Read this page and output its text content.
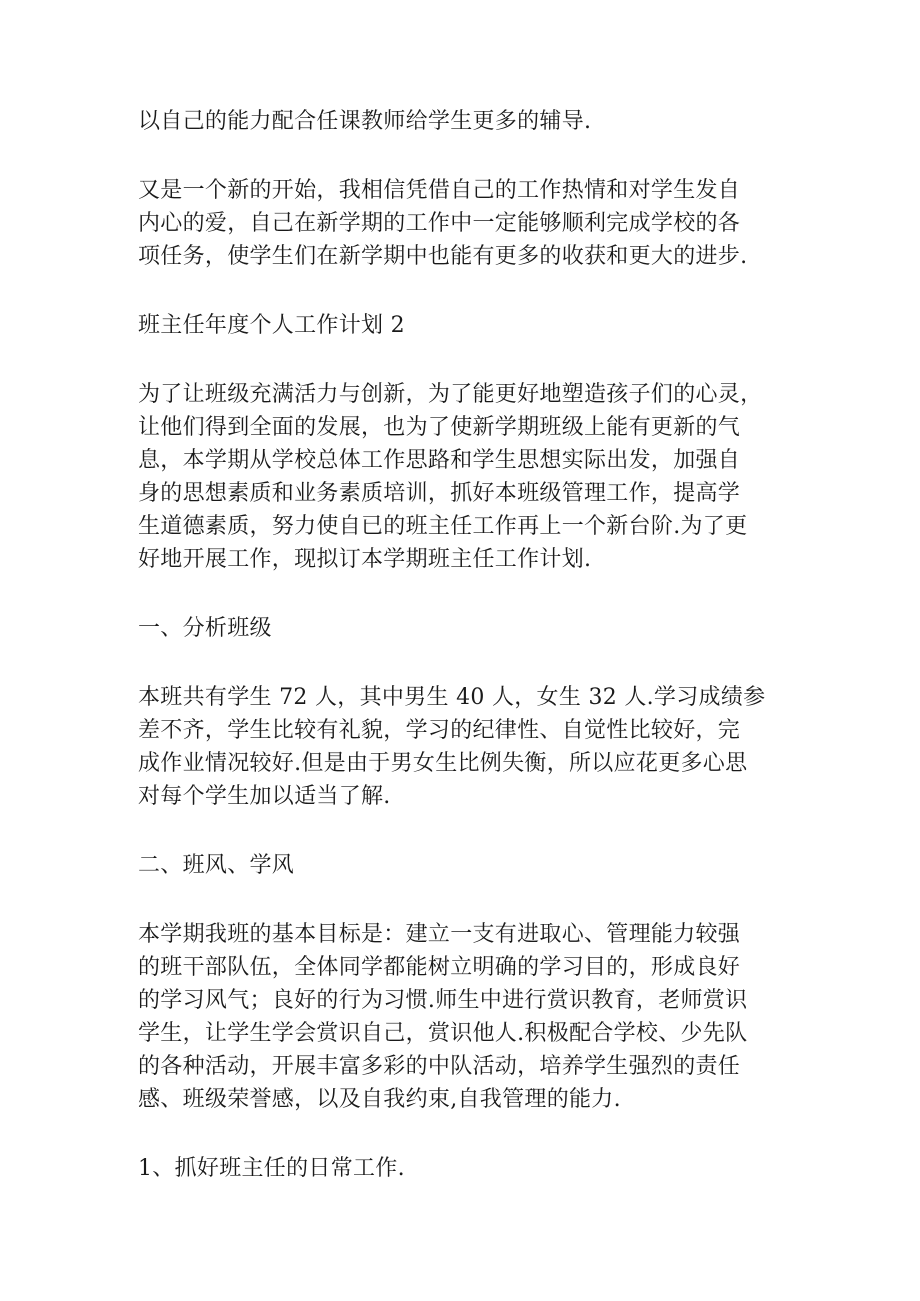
以自己的能力配合任课教师给学生更多的辅导.

又是一个新的开始，我相信凭借自己的工作热情和对学生发自
内心的爱，自己在新学期的工作中一定能够顺利完成学校的各
项任务，使学生们在新学期中也能有更多的收获和更大的进步.

班主任年度个人工作计划 2

为了让班级充满活力与创新，为了能更好地塑造孩子们的心灵，
让他们得到全面的发展，也为了使新学期班级上能有更新的气
息，本学期从学校总体工作思路和学生思想实际出发，加强自
身的思想素质和业务素质培训，抓好本班级管理工作，提高学
生道德素质，努力使自已的班主任工作再上一个新台阶.为了更
好地开展工作，现拟订本学期班主任工作计划.

一、分析班级

本班共有学生 72 人，其中男生 40 人，女生 32 人.学习成绩参
差不齐，学生比较有礼貌，学习的纪律性、自觉性比较好，完
成作业情况较好.但是由于男女生比例失衡，所以应花更多心思
对每个学生加以适当了解.

二、班风、学风

本学期我班的基本目标是：建立一支有进取心、管理能力较强
的班干部队伍，全体同学都能树立明确的学习目的，形成良好
的学习风气；良好的行为习惯.师生中进行赏识教育，老师赏识
学生，让学生学会赏识自己，赏识他人.积极配合学校、少先队
的各种活动，开展丰富多彩的中队活动，培养学生强烈的责任
感、班级荣誉感，以及自我约束,自我管理的能力.

1、抓好班主任的日常工作.
